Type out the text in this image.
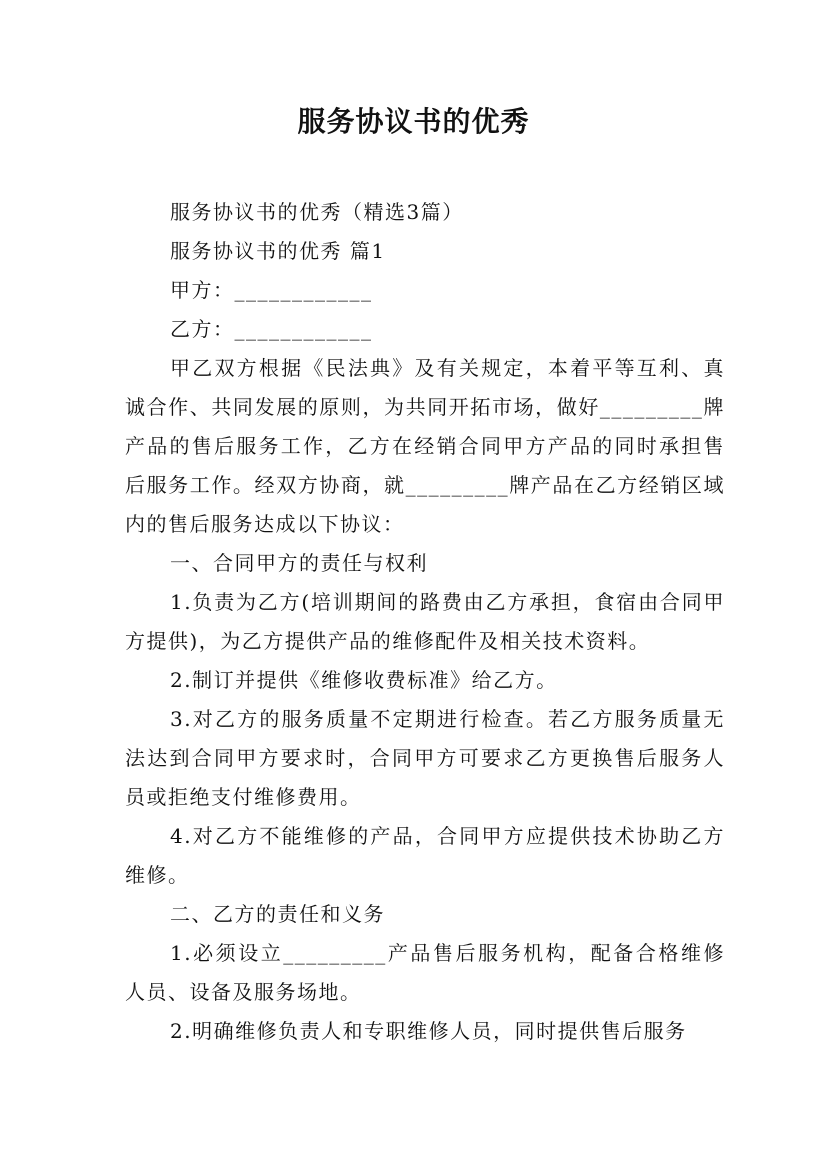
服务协议书的优秀

服务协议书的优秀（精选3篇）

服务协议书的优秀 篇1

甲方：____________

乙方：____________

甲乙双方根据《民法典》及有关规定，本着平等互利、真诚合作、共同发展的原则，为共同开拓市场，做好_________牌产品的售后服务工作，乙方在经销合同甲方产品的同时承担售后服务工作。经双方协商，就_________牌产品在乙方经销区域内的售后服务达成以下协议：

一、合同甲方的责任与权利

1.负责为乙方(培训期间的路费由乙方承担，食宿由合同甲方提供)，为乙方提供产品的维修配件及相关技术资料。

2.制订并提供《维修收费标准》给乙方。

3.对乙方的服务质量不定期进行检查。若乙方服务质量无法达到合同甲方要求时，合同甲方可要求乙方更换售后服务人员或拒绝支付维修费用。

4.对乙方不能维修的产品，合同甲方应提供技术协助乙方维修。

二、乙方的责任和义务

1.必须设立_________产品售后服务机构，配备合格维修人员、设备及服务场地。

2.明确维修负责人和专职维修人员，同时提供售后服务
